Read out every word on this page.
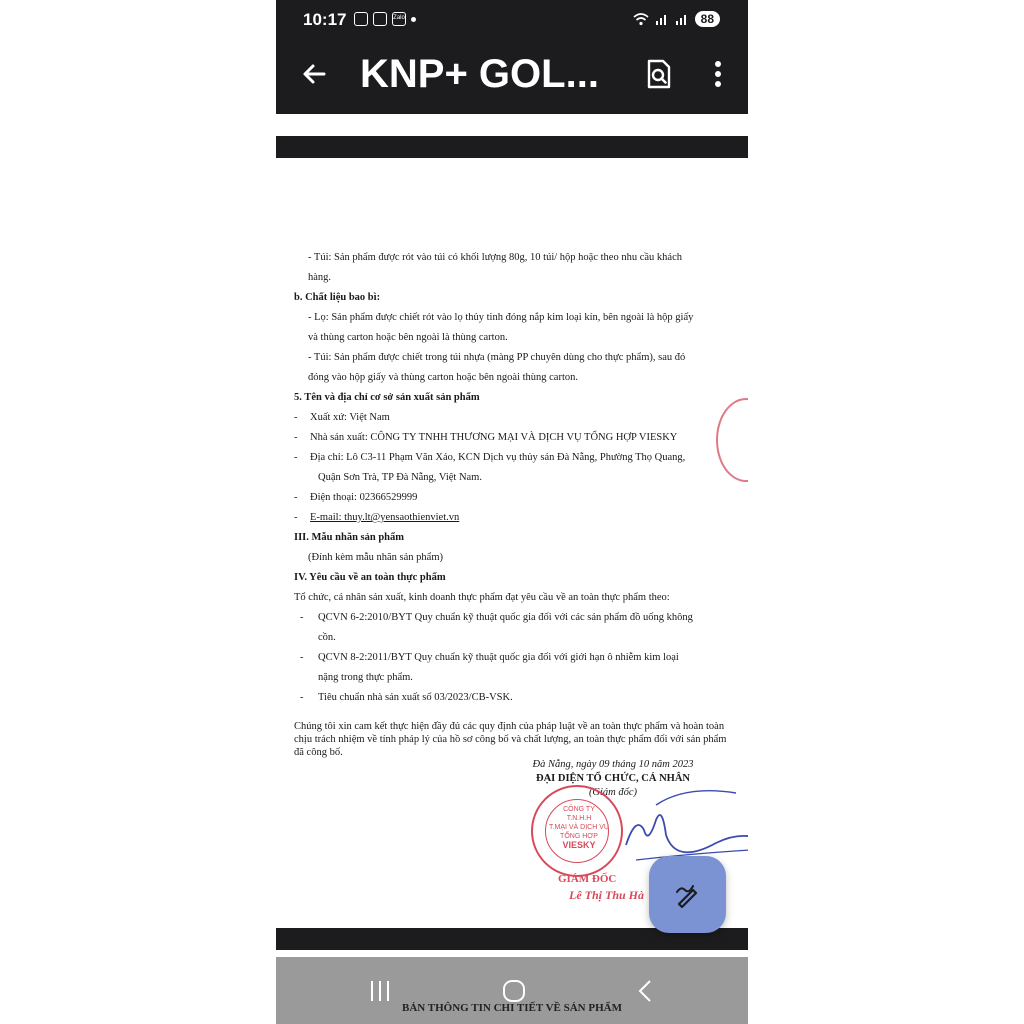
10:17	Zalo	88
KNP+ GOL...

- Túi: Sản phẩm được rót vào túi có khối lượng 80g, 10 túi/ hộp hoặc theo nhu cầu khách

hàng.

b. Chất liệu bao bì:

- Lọ: Sản phẩm được chiết rót vào lọ thủy tinh đóng nắp kim loại kín, bên ngoài là hộp giấy

và thùng carton hoặc bên ngoài là thùng carton.

- Túi: Sản phẩm được chiết trong túi nhựa (màng PP chuyên dùng cho thực phẩm), sau đó

đóng vào hộp giấy và thùng carton hoặc bên ngoài thùng carton.

5. Tên và địa chỉ cơ sở sản xuất sản phẩm

- Xuất xứ: Việt Nam

- Nhà sản xuất: CÔNG TY TNHH THƯƠNG MẠI VÀ DỊCH VỤ TỔNG HỢP VIESKY

- Địa chỉ: Lô C3-11 Phạm Văn Xảo, KCN Dịch vụ thủy sản Đà Nẵng, Phường Thọ Quang,

Quận Sơn Trà, TP Đà Nẵng, Việt Nam.

- Điện thoại: 02366529999

- E-mail: thuy.lt@yensaothienviet.vn

III. Mẫu nhãn sản phẩm

(Đính kèm mẫu nhãn sản phẩm)

IV. Yêu cầu về an toàn thực phẩm

Tổ chức, cá nhân sản xuất, kinh doanh thực phẩm đạt yêu cầu về an toàn thực phẩm theo:

- QCVN 6-2:2010/BYT Quy chuẩn kỹ thuật quốc gia đối với các sản phẩm đồ uống không

cồn.

- QCVN 8-2:2011/BYT Quy chuẩn kỹ thuật quốc gia đối với giới hạn ô nhiễm kim loại

nặng trong thực phẩm.

- Tiêu chuẩn nhà sản xuất số 03/2023/CB-VSK.

Chúng tôi xin cam kết thực hiện đầy đủ các quy định của pháp luật về an toàn thực phẩm và hoàn toàn chịu trách nhiệm về tính pháp lý của hồ sơ công bố và chất lượng, an toàn thực phẩm đối với sản phẩm đã công bố.

Đà Nẵng, ngày 09 tháng 10 năm 2023
ĐẠI DIỆN TỔ CHỨC, CÁ NHÂN
(Giám đốc)
CÔNG TY
T.N.H.H
T.MẠI VÀ DỊCH VỤ
TỔNG HỢP
VIESKY
GIÁM ĐỐC
Lê Thị Thu Hà
BẢN THÔNG TIN CHI TIẾT VỀ SẢN PHẨM
